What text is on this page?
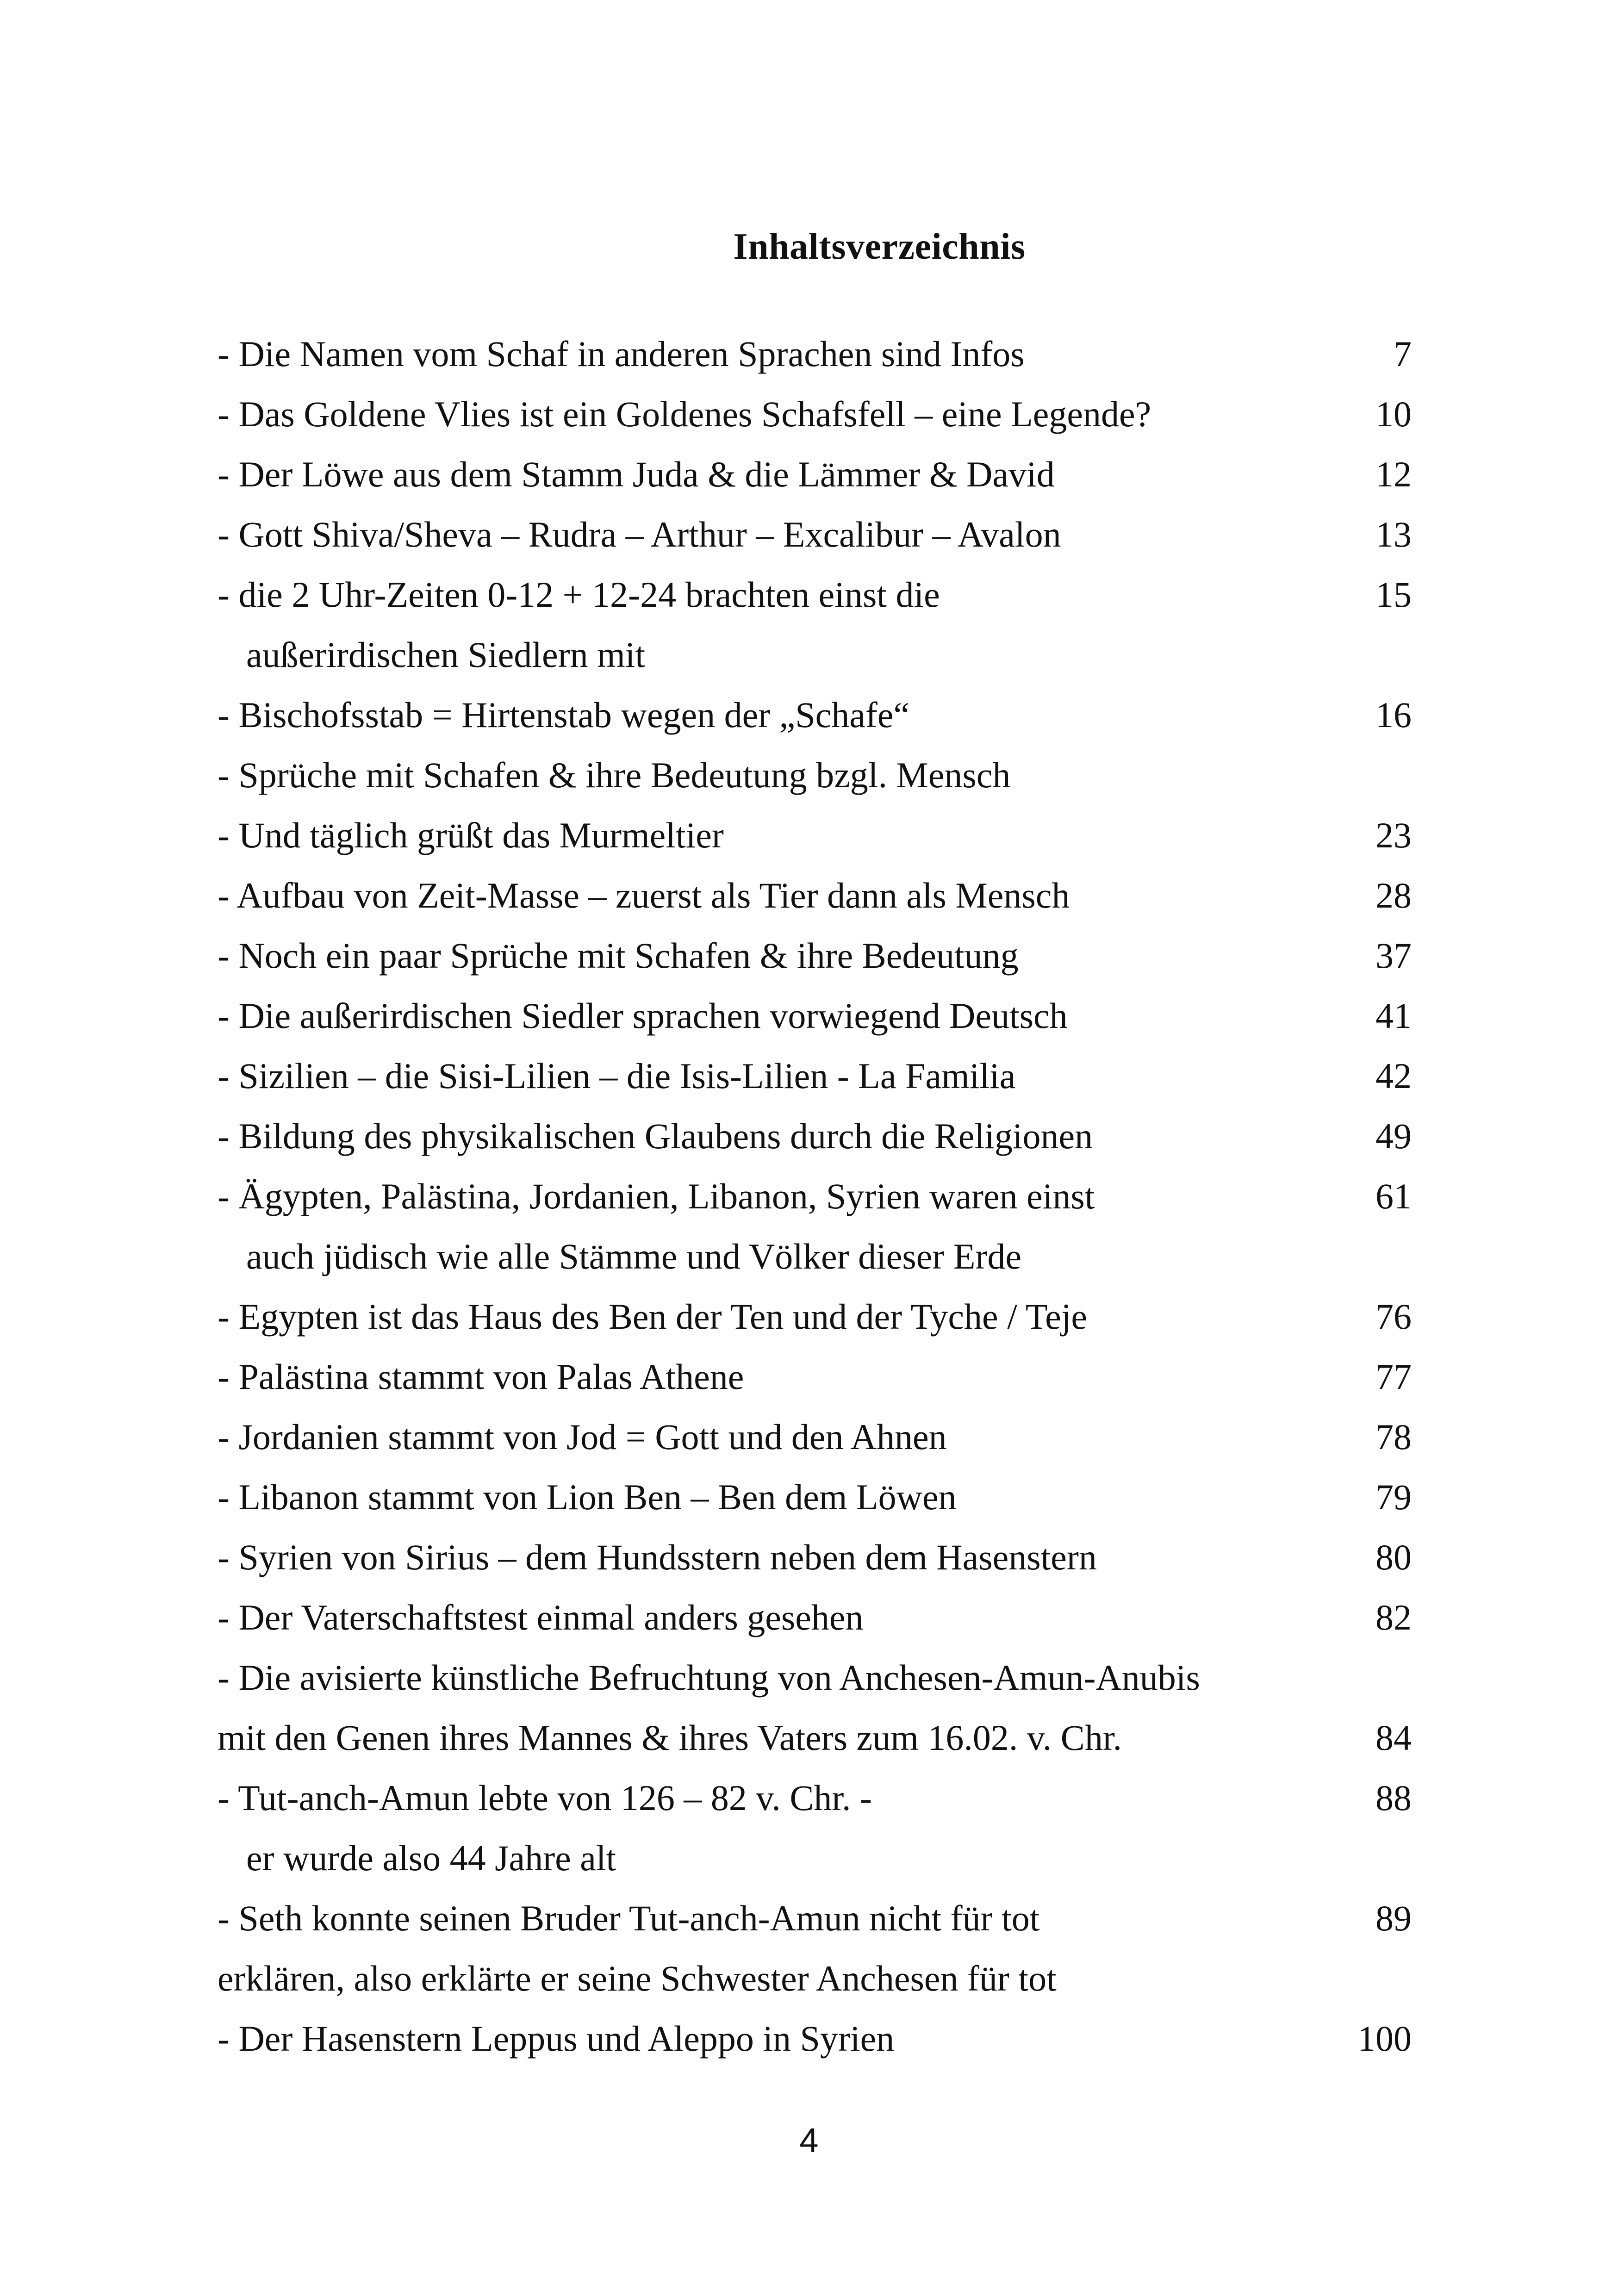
Inhaltsverzeichnis
- Die Namen vom Schaf in anderen Sprachen sind Infos	7
- Das Goldene Vlies ist ein Goldenes Schafsfell – eine Legende?	10
- Der Löwe aus dem Stamm Juda & die Lämmer & David	12
- Gott Shiva/Sheva – Rudra – Arthur – Excalibur – Avalon	13
- die 2 Uhr-Zeiten 0-12 + 12-24 brachten einst die	15
außerirdischen Siedlern mit
- Bischofsstab = Hirtenstab wegen der „Schafe“	16
- Sprüche mit Schafen & ihre Bedeutung bzgl. Mensch
- Und täglich grüßt das Murmeltier	23
- Aufbau von Zeit-Masse – zuerst als Tier dann als Mensch	28
- Noch ein paar Sprüche mit Schafen & ihre Bedeutung	37
- Die außerirdischen Siedler sprachen vorwiegend Deutsch	41
- Sizilien – die Sisi-Lilien – die Isis-Lilien - La Familia	42
- Bildung des physikalischen Glaubens durch die Religionen	49
- Ägypten, Palästina, Jordanien, Libanon, Syrien waren einst	61
auch jüdisch wie alle Stämme und Völker dieser Erde
- Egypten ist das Haus des Ben der Ten und der Tyche / Teje	76
- Palästina stammt von Palas Athene	77
- Jordanien stammt von Jod = Gott und den Ahnen	78
- Libanon stammt von Lion Ben – Ben dem Löwen	79
- Syrien von Sirius – dem Hundsstern neben dem Hasenstern	80
- Der Vaterschaftstest einmal anders gesehen	82
- Die avisierte künstliche Befruchtung von Anchesen-Amun-Anubis
mit den Genen ihres Mannes & ihres Vaters zum 16.02. v. Chr.	84
- Tut-anch-Amun lebte von 126 – 82 v. Chr. -	88
er wurde also 44 Jahre alt
- Seth konnte seinen Bruder Tut-anch-Amun nicht für tot	89
erklären, also erklärte er seine Schwester Anchesen für tot
- Der Hasenstern Leppus und Aleppo in Syrien	100
4
